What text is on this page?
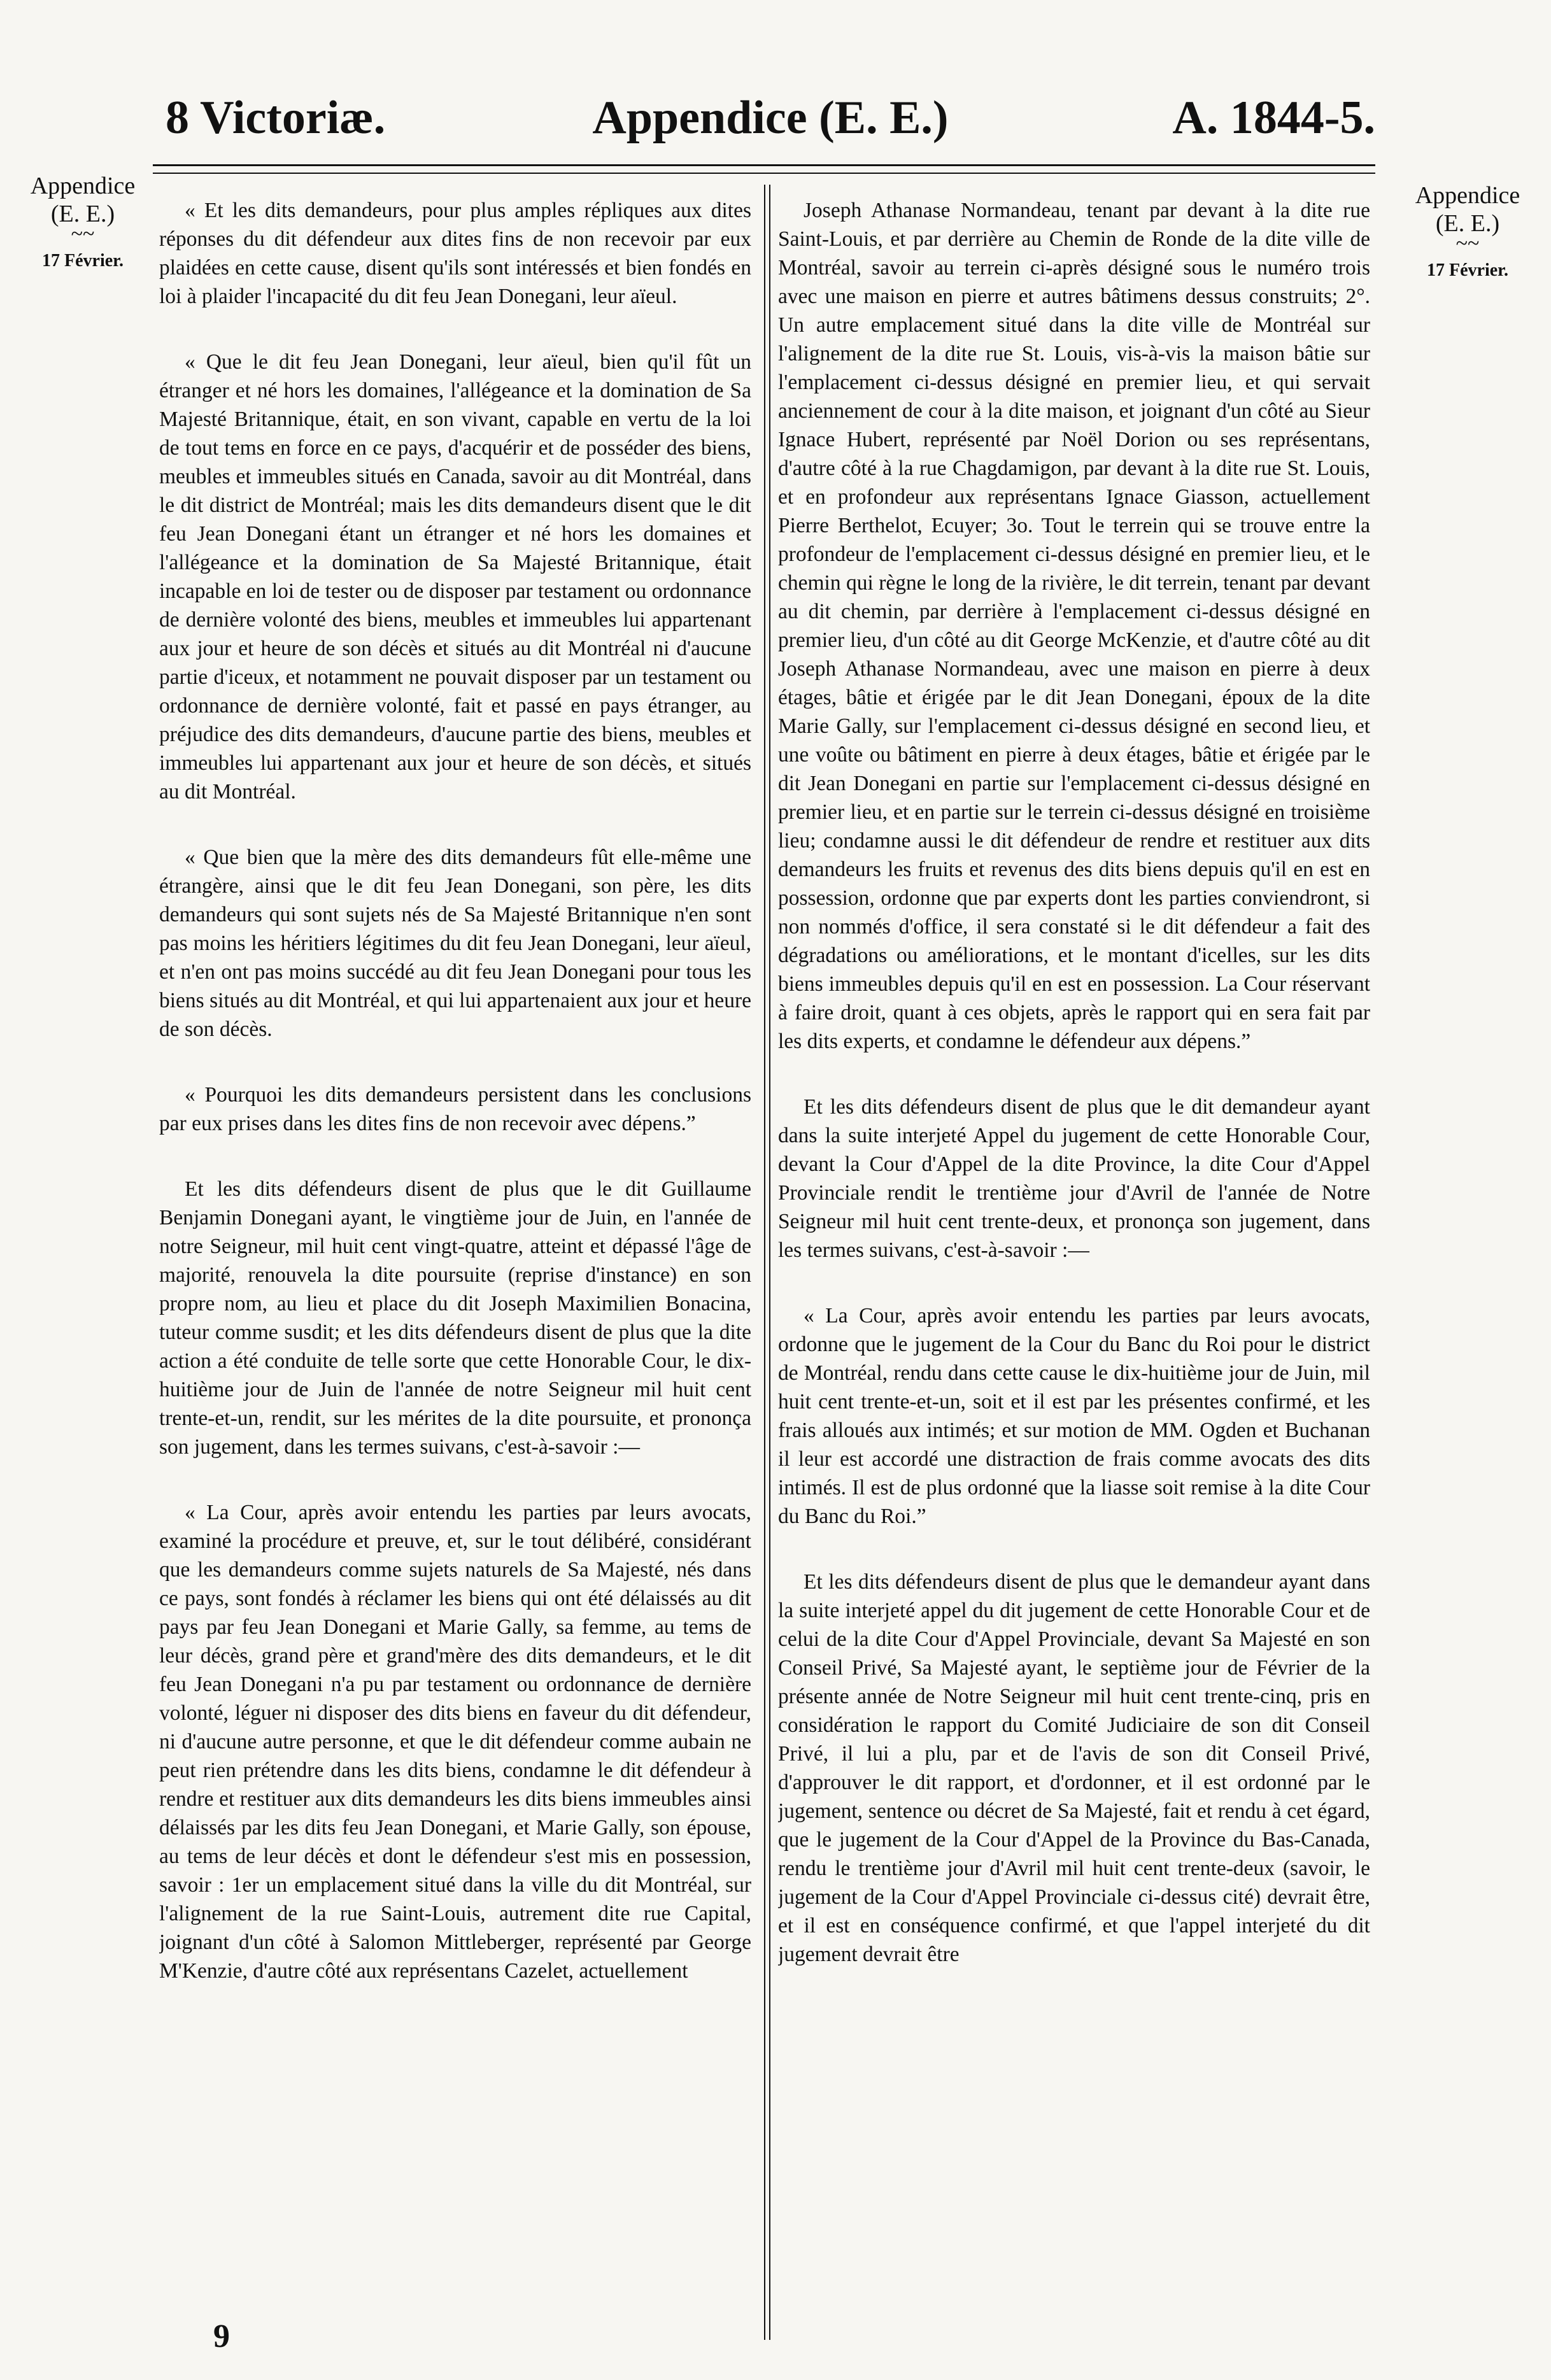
8 Victoriæ.	Appendice (E. E.)	A. 1844-5.
Appendice
(E. E.)
~~
17 Février.
Appendice
(E. E.)
~~
17 Février.

« Et les dits demandeurs, pour plus amples répliques aux dites réponses du dit défendeur aux dites fins de non recevoir par eux plaidées en cette cause, disent qu'ils sont intéressés et bien fondés en loi à plaider l'incapacité du dit feu Jean Donegani, leur aïeul.

« Que le dit feu Jean Donegani, leur aïeul, bien qu'il fût un étranger et né hors les domaines, l'allégeance et la domination de Sa Majesté Britannique, était, en son vivant, capable en vertu de la loi de tout tems en force en ce pays, d'acquérir et de posséder des biens, meubles et immeubles situés en Canada, savoir au dit Montréal, dans le dit district de Montréal; mais les dits demandeurs disent que le dit feu Jean Donegani étant un étranger et né hors les domaines et l'allégeance et la domination de Sa Majesté Britannique, était incapable en loi de tester ou de disposer par testament ou ordonnance de dernière volonté des biens, meubles et immeubles lui appartenant aux jour et heure de son décès et situés au dit Montréal ni d'aucune partie d'iceux, et notamment ne pouvait disposer par un testament ou ordonnance de dernière volonté, fait et passé en pays étranger, au préjudice des dits demandeurs, d'aucune partie des biens, meubles et immeubles lui appartenant aux jour et heure de son décès, et situés au dit Montréal.

« Que bien que la mère des dits demandeurs fût elle-même une étrangère, ainsi que le dit feu Jean Donegani, son père, les dits demandeurs qui sont sujets nés de Sa Majesté Britannique n'en sont pas moins les héritiers légitimes du dit feu Jean Donegani, leur aïeul, et n'en ont pas moins succédé au dit feu Jean Donegani pour tous les biens situés au dit Montréal, et qui lui appartenaient aux jour et heure de son décès.

« Pourquoi les dits demandeurs persistent dans les conclusions par eux prises dans les dites fins de non recevoir avec dépens.”

Et les dits défendeurs disent de plus que le dit Guillaume Benjamin Donegani ayant, le vingtième jour de Juin, en l'année de notre Seigneur, mil huit cent vingt-quatre, atteint et dépassé l'âge de majorité, renouvela la dite poursuite (reprise d'instance) en son propre nom, au lieu et place du dit Joseph Maximilien Bonacina, tuteur comme susdit; et les dits défendeurs disent de plus que la dite action a été conduite de telle sorte que cette Honorable Cour, le dix-huitième jour de Juin de l'année de notre Seigneur mil huit cent trente-et-un, rendit, sur les mérites de la dite poursuite, et prononça son jugement, dans les termes suivans, c'est-à-savoir :—

« La Cour, après avoir entendu les parties par leurs avocats, examiné la procédure et preuve, et, sur le tout délibéré, considérant que les demandeurs comme sujets naturels de Sa Majesté, nés dans ce pays, sont fondés à réclamer les biens qui ont été délaissés au dit pays par feu Jean Donegani et Marie Gally, sa femme, au tems de leur décès, grand père et grand'mère des dits demandeurs, et le dit feu Jean Donegani n'a pu par testament ou ordonnance de dernière volonté, léguer ni disposer des dits biens en faveur du dit défendeur, ni d'aucune autre personne, et que le dit défendeur comme aubain ne peut rien prétendre dans les dits biens, condamne le dit défendeur à rendre et restituer aux dits demandeurs les dits biens immeubles ainsi délaissés par les dits feu Jean Donegani, et Marie Gally, son épouse, au tems de leur décès et dont le défendeur s'est mis en possession, savoir : 1er un emplacement situé dans la ville du dit Montréal, sur l'alignement de la rue Saint-Louis, autrement dite rue Capital, joignant d'un côté à Salomon Mittleberger, représenté par George M'Kenzie, d'autre côté aux représentans Cazelet, actuellement

Joseph Athanase Normandeau, tenant par devant à la dite rue Saint-Louis, et par derrière au Chemin de Ronde de la dite ville de Montréal, savoir au terrein ci-après désigné sous le numéro trois avec une maison en pierre et autres bâtimens dessus construits; 2°. Un autre emplacement situé dans la dite ville de Montréal sur l'alignement de la dite rue St. Louis, vis-à-vis la maison bâtie sur l'emplacement ci-dessus désigné en premier lieu, et qui servait anciennement de cour à la dite maison, et joignant d'un côté au Sieur Ignace Hubert, représenté par Noël Dorion ou ses représentans, d'autre côté à la rue Chagdamigon, par devant à la dite rue St. Louis, et en profondeur aux représentans Ignace Giasson, actuellement Pierre Berthelot, Ecuyer; 3o. Tout le terrein qui se trouve entre la profondeur de l'emplacement ci-dessus désigné en premier lieu, et le chemin qui règne le long de la rivière, le dit terrein, tenant par devant au dit chemin, par derrière à l'emplacement ci-dessus désigné en premier lieu, d'un côté au dit George McKenzie, et d'autre côté au dit Joseph Athanase Normandeau, avec une maison en pierre à deux étages, bâtie et érigée par le dit Jean Donegani, époux de la dite Marie Gally, sur l'emplacement ci-dessus désigné en second lieu, et une voûte ou bâtiment en pierre à deux étages, bâtie et érigée par le dit Jean Donegani en partie sur l'emplacement ci-dessus désigné en premier lieu, et en partie sur le terrein ci-dessus désigné en troisième lieu; condamne aussi le dit défendeur de rendre et restituer aux dits demandeurs les fruits et revenus des dits biens depuis qu'il en est en possession, ordonne que par experts dont les parties conviendront, si non nommés d'office, il sera constaté si le dit défendeur a fait des dégradations ou améliorations, et le montant d'icelles, sur les dits biens immeubles depuis qu'il en est en possession. La Cour réservant à faire droit, quant à ces objets, après le rapport qui en sera fait par les dits experts, et condamne le défendeur aux dépens.”

Et les dits défendeurs disent de plus que le dit demandeur ayant dans la suite interjeté Appel du jugement de cette Honorable Cour, devant la Cour d'Appel de la dite Province, la dite Cour d'Appel Provinciale rendit le trentième jour d'Avril de l'année de Notre Seigneur mil huit cent trente-deux, et prononça son jugement, dans les termes suivans, c'est-à-savoir :—

« La Cour, après avoir entendu les parties par leurs avocats, ordonne que le jugement de la Cour du Banc du Roi pour le district de Montréal, rendu dans cette cause le dix-huitième jour de Juin, mil huit cent trente-et-un, soit et il est par les présentes confirmé, et les frais alloués aux intimés; et sur motion de MM. Ogden et Buchanan il leur est accordé une distraction de frais comme avocats des dits intimés. Il est de plus ordonné que la liasse soit remise à la dite Cour du Banc du Roi.”

Et les dits défendeurs disent de plus que le demandeur ayant dans la suite interjeté appel du dit jugement de cette Honorable Cour et de celui de la dite Cour d'Appel Provinciale, devant Sa Majesté en son Conseil Privé, Sa Majesté ayant, le septième jour de Février de la présente année de Notre Seigneur mil huit cent trente-cinq, pris en considération le rapport du Comité Judiciaire de son dit Conseil Privé, il lui a plu, par et de l'avis de son dit Conseil Privé, d'approuver le dit rapport, et d'ordonner, et il est ordonné par le jugement, sentence ou décret de Sa Majesté, fait et rendu à cet égard, que le jugement de la Cour d'Appel de la Province du Bas-Canada, rendu le trentième jour d'Avril mil huit cent trente-deux (savoir, le jugement de la Cour d'Appel Provinciale ci-dessus cité) devrait être, et il est en conséquence confirmé, et que l'appel interjeté du dit jugement devrait être

9
